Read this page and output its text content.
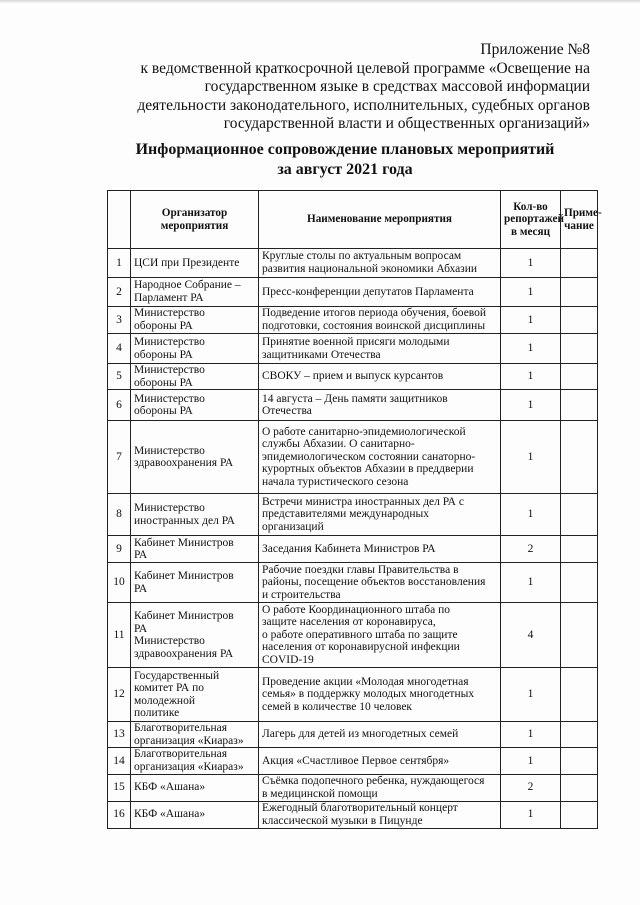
Приложение №8
к ведомственной краткосрочной целевой программе «Освещение на
государственном языке в средствах массовой информации
деятельности законодательного, исполнительных, судебных органов
государственной власти и общественных организаций»
Информационное сопровождение плановых мероприятий
за август 2021 года
	Организатор мероприятия	Наименование мероприятия	Кол-во репортажей в месяц	Приме-чание
1	ЦСИ при Президенте	Круглые столы по актуальным вопросам
развития национальной экономики Абхазии	1	
2	Народное Собрание –
Парламент РА	Пресс-конференции депутатов Парламента	1	
3	Министерство
обороны РА	Подведение итогов периода обучения, боевой
подготовки, состояния воинской дисциплины	1	
4	Министерство
обороны РА	Принятие военной присяги молодыми
защитниками Отечества	1	
5	Министерство
обороны РА	СВОКУ – прием и выпуск курсантов	1	
6	Министерство
обороны РА	14 августа – День памяти защитников
Отечества	1	
7	Министерство
здравоохранения РА	О работе санитарно-эпидемиологической
службы Абхазии. О санитарно-
эпидемиологическом состоянии санаторно-
курортных объектов Абхазии в преддверии
начала туристического сезона	1	
8	Министерство
иностранных дел РА	Встречи министра иностранных дел РА с
представителями международных
организаций	1	
9	Кабинет Министров
РА	Заседания Кабинета Министров РА	2	
10	Кабинет Министров
РА	Рабочие поездки главы Правительства в
районы, посещение объектов восстановления
и строительства	1	
11	Кабинет Министров
РА
Министерство
здравоохранения РА	О работе Координационного штаба по
защите населения от коронавируса,
о работе оперативного штаба по защите
населения от коронавирусной инфекции
COVID-19	4	
12	Государственный
комитет РА по
молодежной
политике	Проведение акции «Молодая многодетная
семья» в поддержку молодых многодетных
семей в количестве 10 человек	1	
13	Благотворительная
организация «Киараз»	Лагерь для детей из многодетных семей	1	
14	Благотворительная
организация «Киараз»	Акция «Счастливое Первое сентября»	1	
15	КБФ «Ашана»	Съёмка подопечного ребенка, нуждающегося
в медицинской помощи	2	
16	КБФ «Ашана»	Ежегодный благотворительный концерт
классической музыки в Пицунде	1	
